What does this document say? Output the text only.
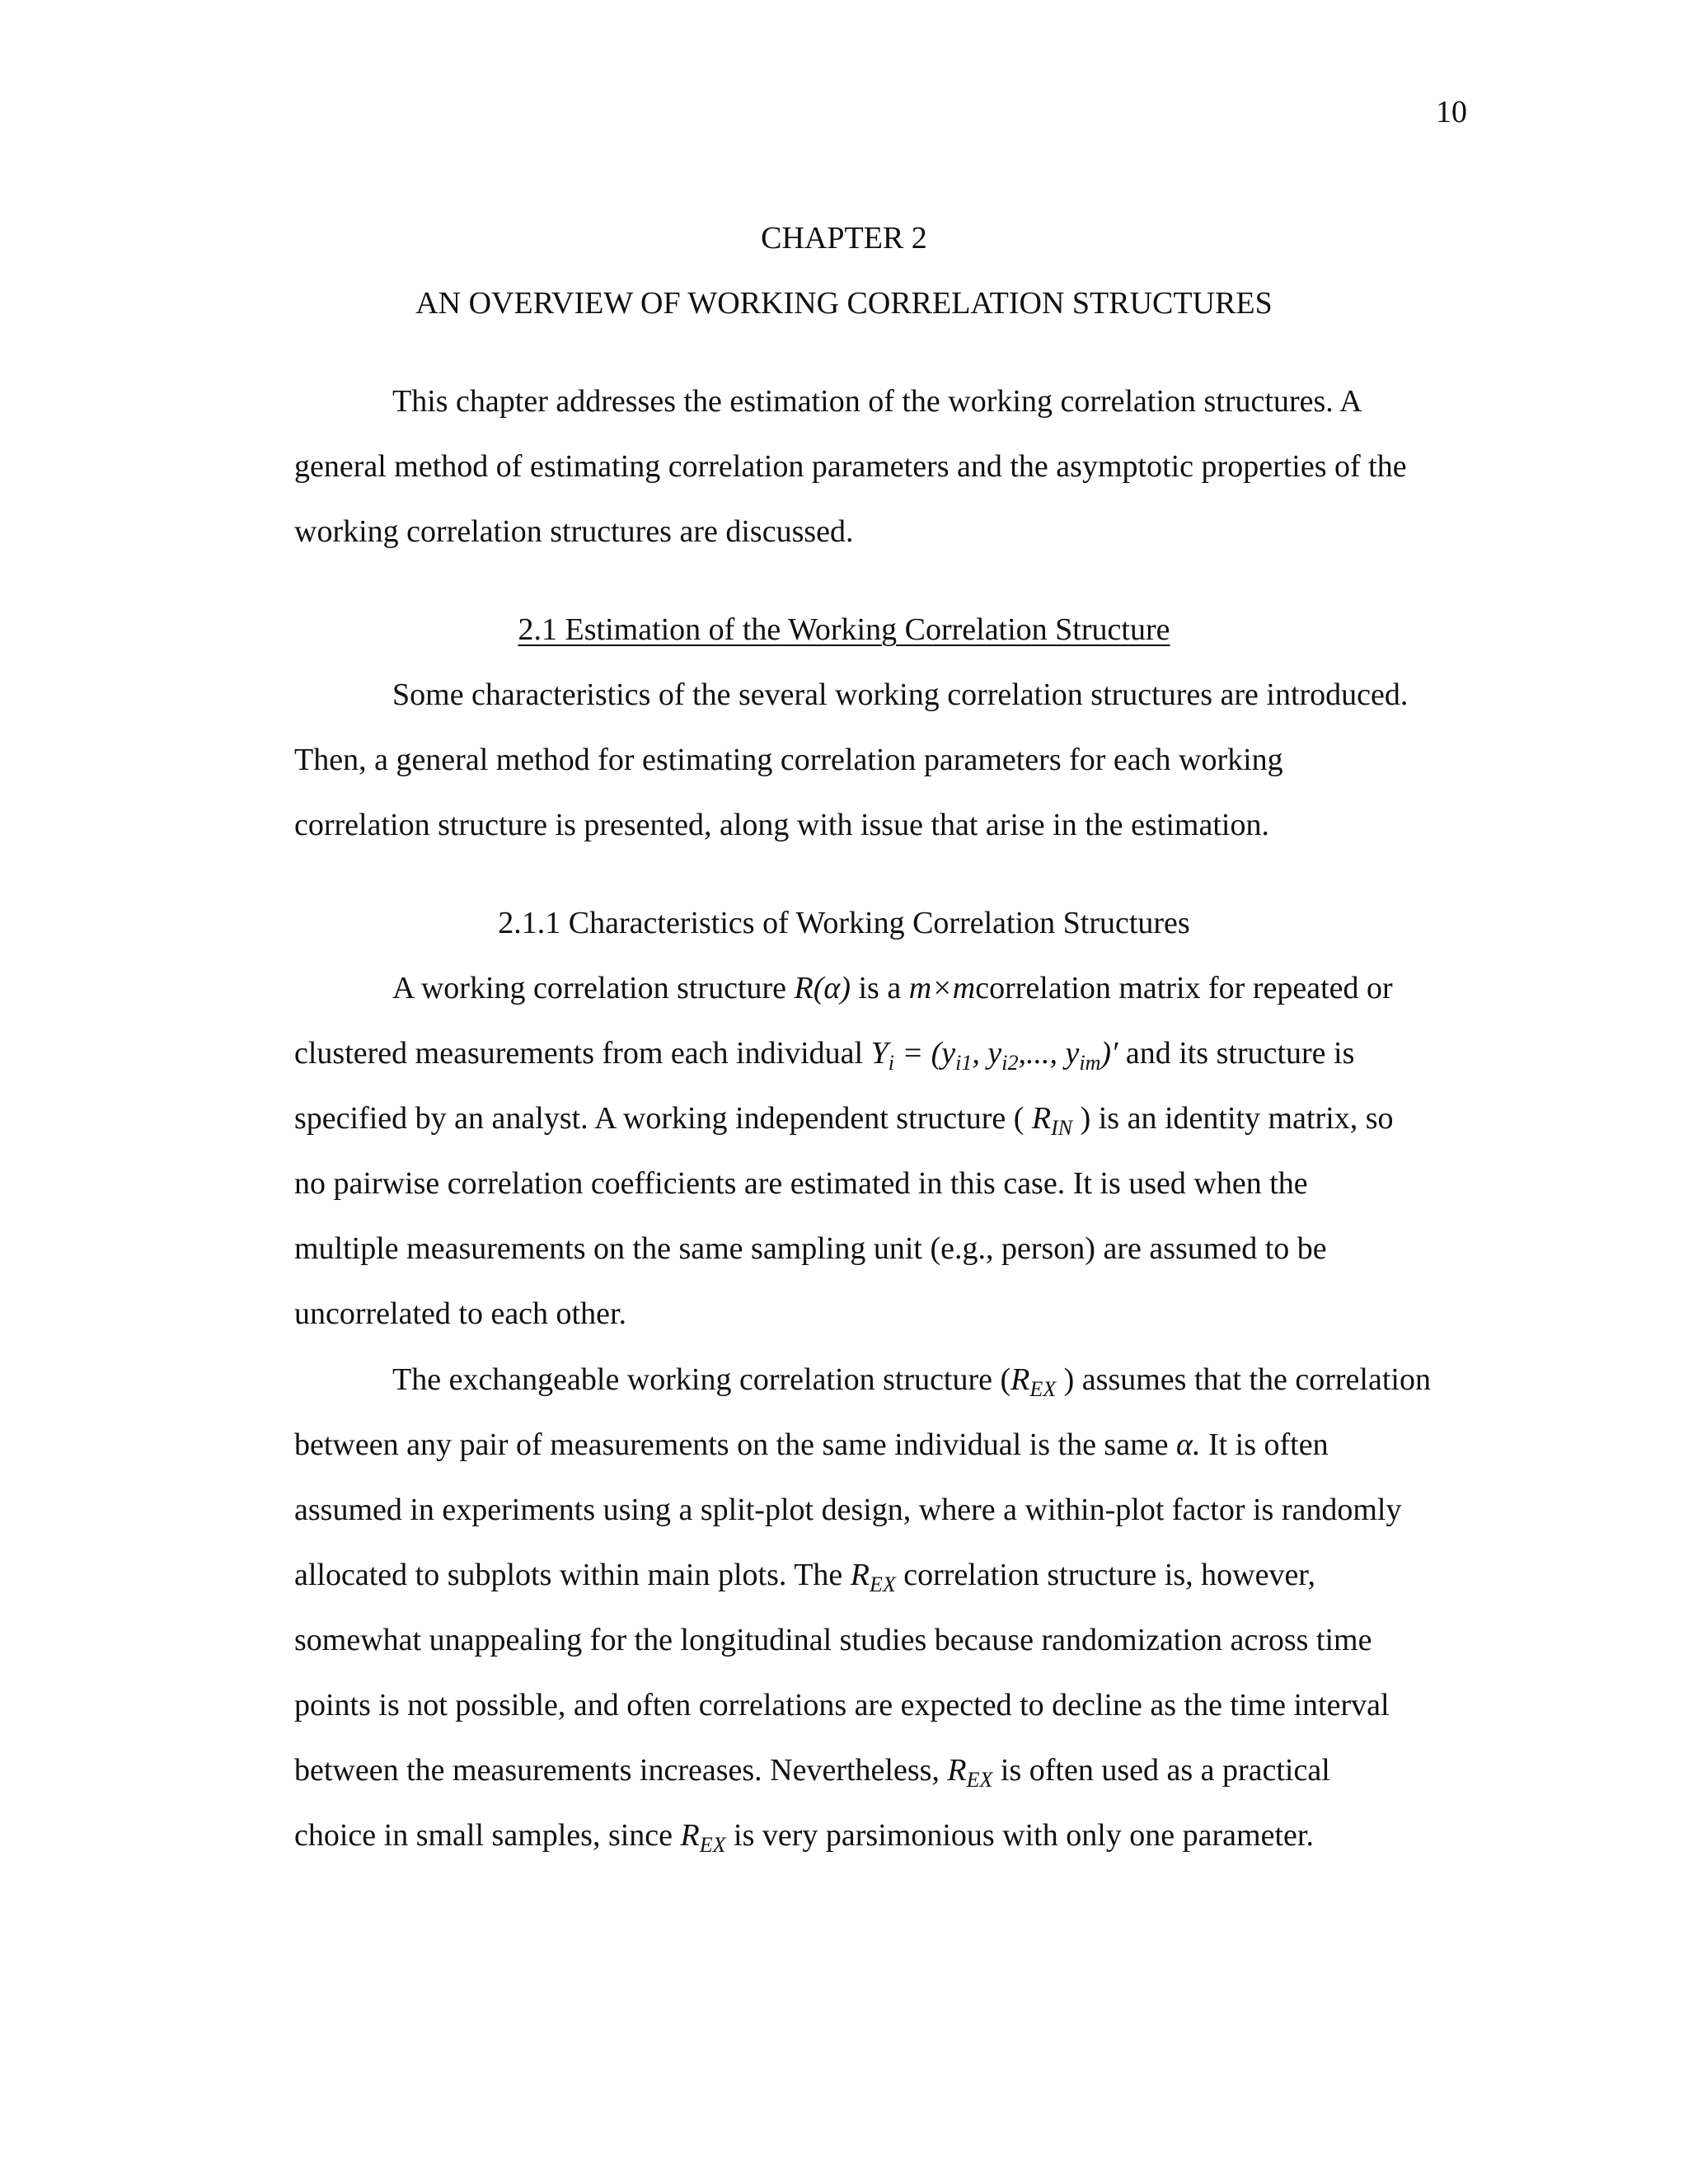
10
CHAPTER 2
AN OVERVIEW OF WORKING CORRELATION STRUCTURES
This chapter addresses the estimation of the working correlation structures. A
general method of estimating correlation parameters and the asymptotic properties of the
working correlation structures are discussed.
2.1 Estimation of the Working Correlation Structure
Some characteristics of the several working correlation structures are introduced.
Then, a general method for estimating correlation parameters for each working
correlation structure is presented, along with issue that arise in the estimation.
2.1.1 Characteristics of Working Correlation Structures
A working correlation structure R(α) is a m×mcorrelation matrix for repeated or
clustered measurements from each individual $Y_i = (y_{i1}$, $y_{i2}$,..., $y_{im})'$ and its structure is
specified by an analyst. A working independent structure ( $R_{IN}$ ) is an identity matrix, so
no pairwise correlation coefficients are estimated in this case. It is used when the
multiple measurements on the same sampling unit (e.g., person) are assumed to be
uncorrelated to each other.
The exchangeable working correlation structure ($R_{EX}$ ) assumes that the correlation
between any pair of measurements on the same individual is the same α. It is often
assumed in experiments using a split-plot design, where a within-plot factor is randomly
allocated to subplots within main plots. The $R_{EX}$ correlation structure is, however,
somewhat unappealing for the longitudinal studies because randomization across time
points is not possible, and often correlations are expected to decline as the time interval
between the measurements increases. Nevertheless, $R_{EX}$ is often used as a practical
choice in small samples, since $R_{EX}$ is very parsimonious with only one parameter.
